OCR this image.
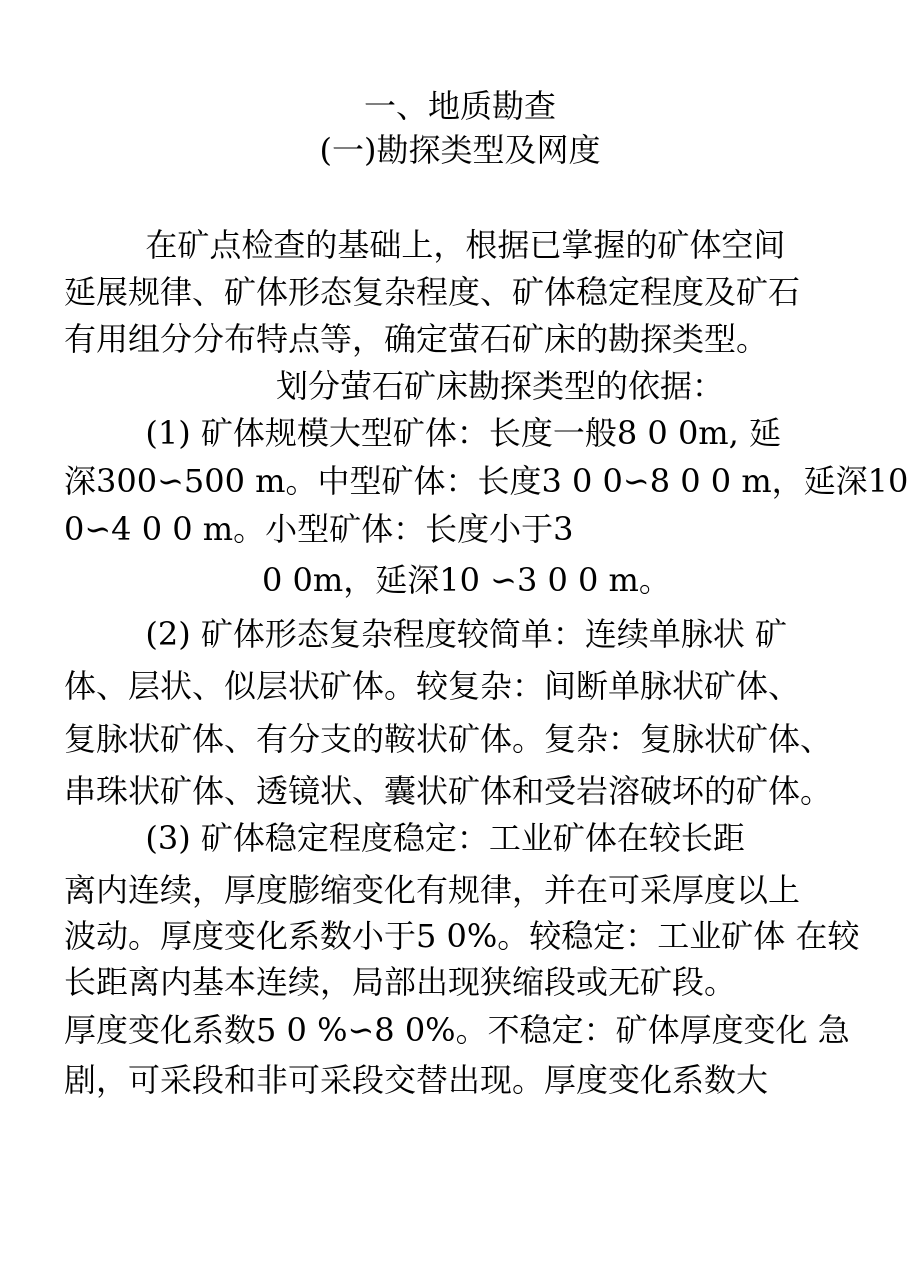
一、地质勘查
(一)勘探类型及网度
在矿点检查的基础上，根据已掌握的矿体空间
延展规律、矿体形态复杂程度、矿体稳定程度及矿石
有用组分分布特点等，确定萤石矿床的勘探类型。
划分萤石矿床勘探类型的依据：
(1) 矿体规模大型矿体：长度一般8 0 0m, 延
深300∽500 m。中型矿体：长度3 0 0∽8 0 0 m，延深10
0∽4 0 0 m。小型矿体：长度小于3
0 0m，延深10 ∽3 0 0 m。
(2) 矿体形态复杂程度较简单：连续单脉状 矿
体、层状、似层状矿体。较复杂：间断单脉状矿体、
复脉状矿体、有分支的鞍状矿体。复杂：复脉状矿体、
串珠状矿体、透镜状、囊状矿体和受岩溶破坏的矿体。
(3) 矿体稳定程度稳定：工业矿体在较长距
离内连续，厚度膨缩变化有规律，并在可采厚度以上
波动。厚度变化系数小于5 0%。较稳定：工业矿体 在较
长距离内基本连续，局部出现狭缩段或无矿段。
厚度变化系数5 0 %∽8 0%。不稳定：矿体厚度变化 急
剧，可采段和非可采段交替出现。厚度变化系数大
